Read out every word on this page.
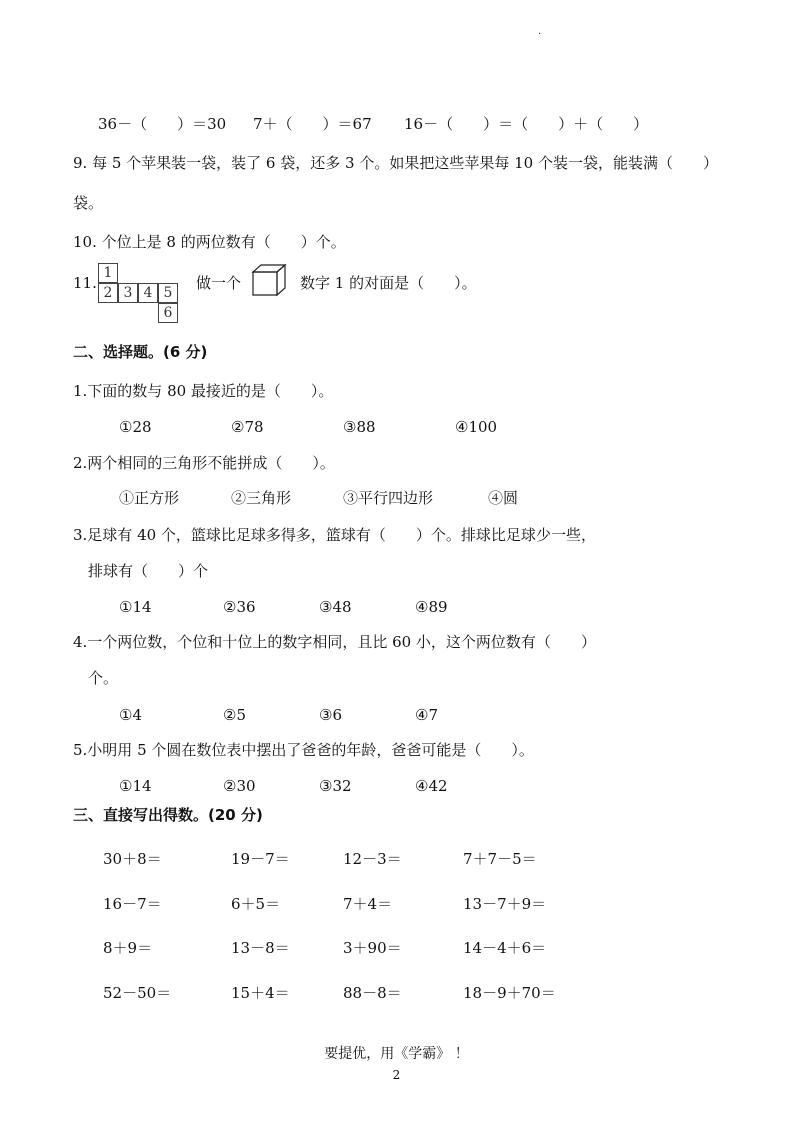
.
36－（　　）＝30 7＋（　　）＝67 16－（　　）＝（　　）＋（　　）
9. 每 5 个苹果装一袋，装了 6 袋，还多 3 个。如果把这些苹果每 10 个装一袋，能装满（　　）
袋。
10. 个位上是 8 的两位数有（　　）个。
11.
1
2 3 4 5
6
做一个	数字 1 的对面是（　　）。
二、选择题。(6 分)
1.下面的数与 80 最接近的是（　　）。
①28	②78	③88	④100
2.两个相同的三角形不能拼成（　　）。
①正方形	②三角形	③平行四边形	④圆
3.足球有 40 个，篮球比足球多得多，篮球有（　　）个。排球比足球少一些，
排球有（　　）个
①14	②36	③48	④89
4.一个两位数，个位和十位上的数字相同，且比 60 小，这个两位数有（　　）
个。
①4	②5	③6	④7
5.小明用 5 个圆在数位表中摆出了爸爸的年龄，爸爸可能是（　　）。
①14	②30	③32	④42
三、直接写出得数。(20 分)
30＋8＝	19－7＝	12－3＝	7＋7－5＝
16－7＝	6＋5＝	7＋4＝	13－7＋9＝
8＋9＝	13－8＝	3＋90＝	14－4＋6＝
52－50＝	15＋4＝	88－8＝	18－9＋70＝
要提优，用《学霸》 ！
2
